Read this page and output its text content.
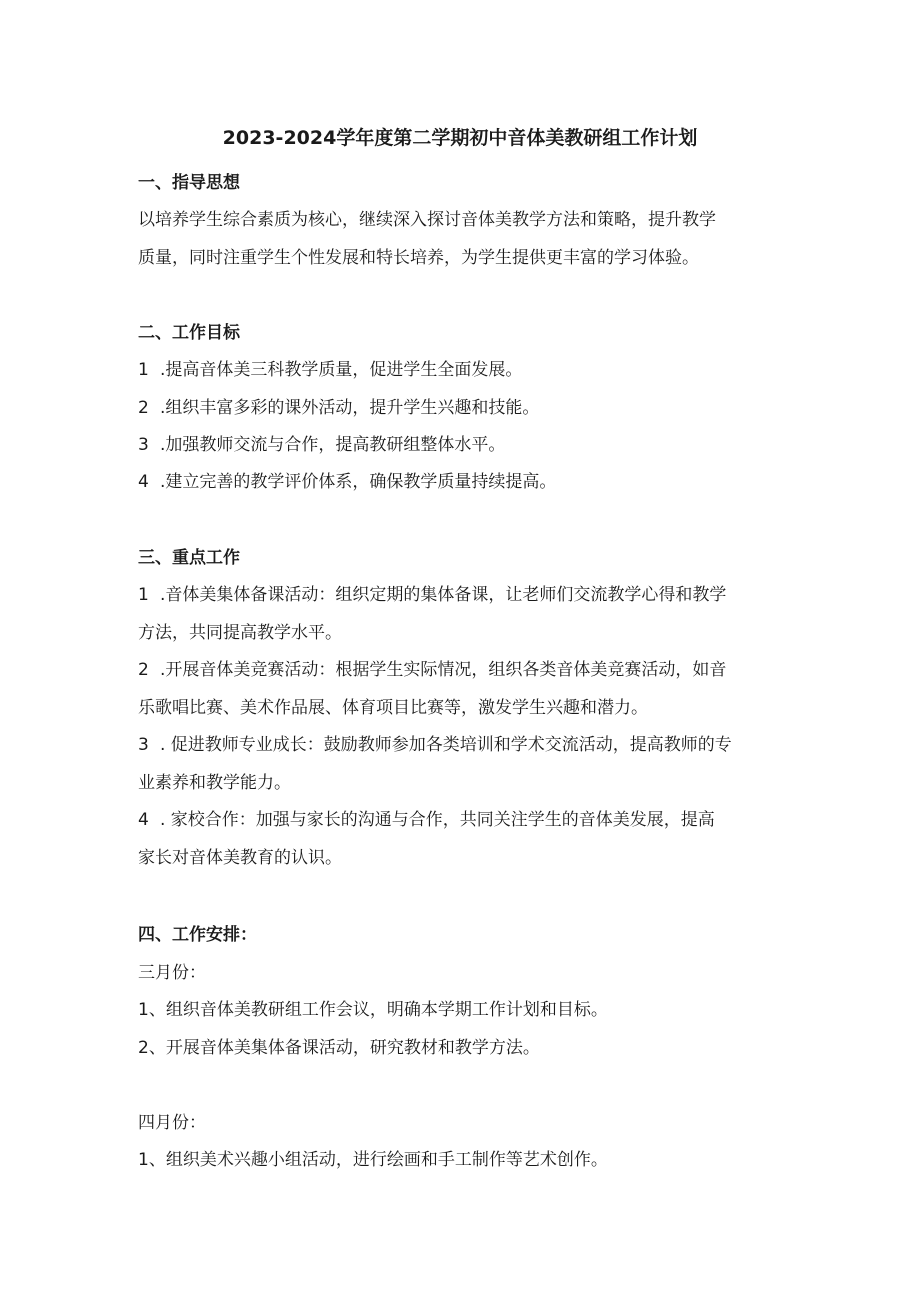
2023-2024学年度第二学期初中音体美教研组工作计划
一、指导思想
以培养学生综合素质为核心，继续深入探讨音体美教学方法和策略，提升教学
质量，同时注重学生个性发展和特长培养，为学生提供更丰富的学习体验。
二、工作目标
1 .提高音体美三科教学质量，促进学生全面发展。
2 .组织丰富多彩的课外活动，提升学生兴趣和技能。
3 .加强教师交流与合作，提高教研组整体水平。
4 .建立完善的教学评价体系，确保教学质量持续提高。
三、重点工作
1 .音体美集体备课活动：组织定期的集体备课，让老师们交流教学心得和教学
方法，共同提高教学水平。
2 .开展音体美竞赛活动：根据学生实际情况，组织各类音体美竞赛活动，如音
乐歌唱比赛、美术作品展、体育项目比赛等，激发学生兴趣和潜力。
3 . 促进教师专业成长：鼓励教师参加各类培训和学术交流活动，提高教师的专
业素养和教学能力。
4 . 家校合作：加强与家长的沟通与合作，共同关注学生的音体美发展，提高
家长对音体美教育的认识。
四、工作安排：
三月份：
1、组织音体美教研组工作会议，明确本学期工作计划和目标。
2、开展音体美集体备课活动，研究教材和教学方法。
四月份：
1、组织美术兴趣小组活动，进行绘画和手工制作等艺术创作。
